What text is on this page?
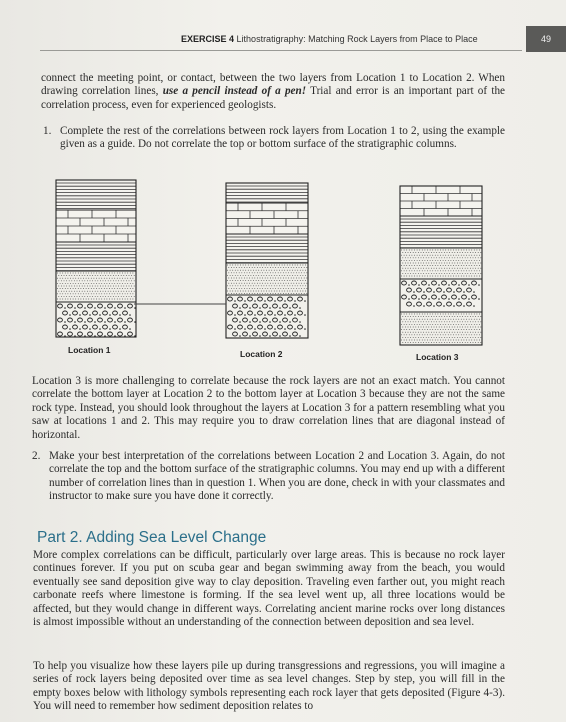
EXERCISE 4 Lithostratigraphy: Matching Rock Layers from Place to Place	49
connect the meeting point, or contact, between the two layers from Location 1 to Location 2. When drawing correlation lines, use a pencil instead of a pen! Trial and error is an important part of the correlation process, even for experienced geologists.
1. Complete the rest of the correlations between rock layers from Location 1 to 2, using the example given as a guide. Do not correlate the top or bottom surface of the stratigraphic columns.
Location 1	Location 2	Location 3
Location 3 is more challenging to correlate because the rock layers are not an exact match. You cannot correlate the bottom layer at Location 2 to the bottom layer at Location 3 because they are not the same rock type. Instead, you should look throughout the layers at Location 3 for a pattern resembling what you saw at locations 1 and 2. This may require you to draw correlation lines that are diagonal instead of horizontal.
2. Make your best interpretation of the correlations between Location 2 and Location 3. Again, do not correlate the top and the bottom surface of the stratigraphic columns. You may end up with a different number of correlation lines than in question 1. When you are done, check in with your classmates and instructor to make sure you have done it correctly.
Part 2. Adding Sea Level Change
More complex correlations can be difficult, particularly over large areas. This is because no rock layer continues forever. If you put on scuba gear and began swimming away from the beach, you would eventually see sand deposition give way to clay deposition. Traveling even farther out, you might reach carbonate reefs where limestone is forming. If the sea level went up, all three locations would be affected, but they would change in different ways. Correlating ancient marine rocks over long distances is almost impossible without an understanding of the connection between deposition and sea level.
To help you visualize how these layers pile up during transgressions and regressions, you will imagine a series of rock layers being deposited over time as sea level changes. Step by step, you will fill in the empty boxes below with lithology symbols representing each rock layer that gets deposited (Figure 4-3). You will need to remember how sediment deposition relates to
